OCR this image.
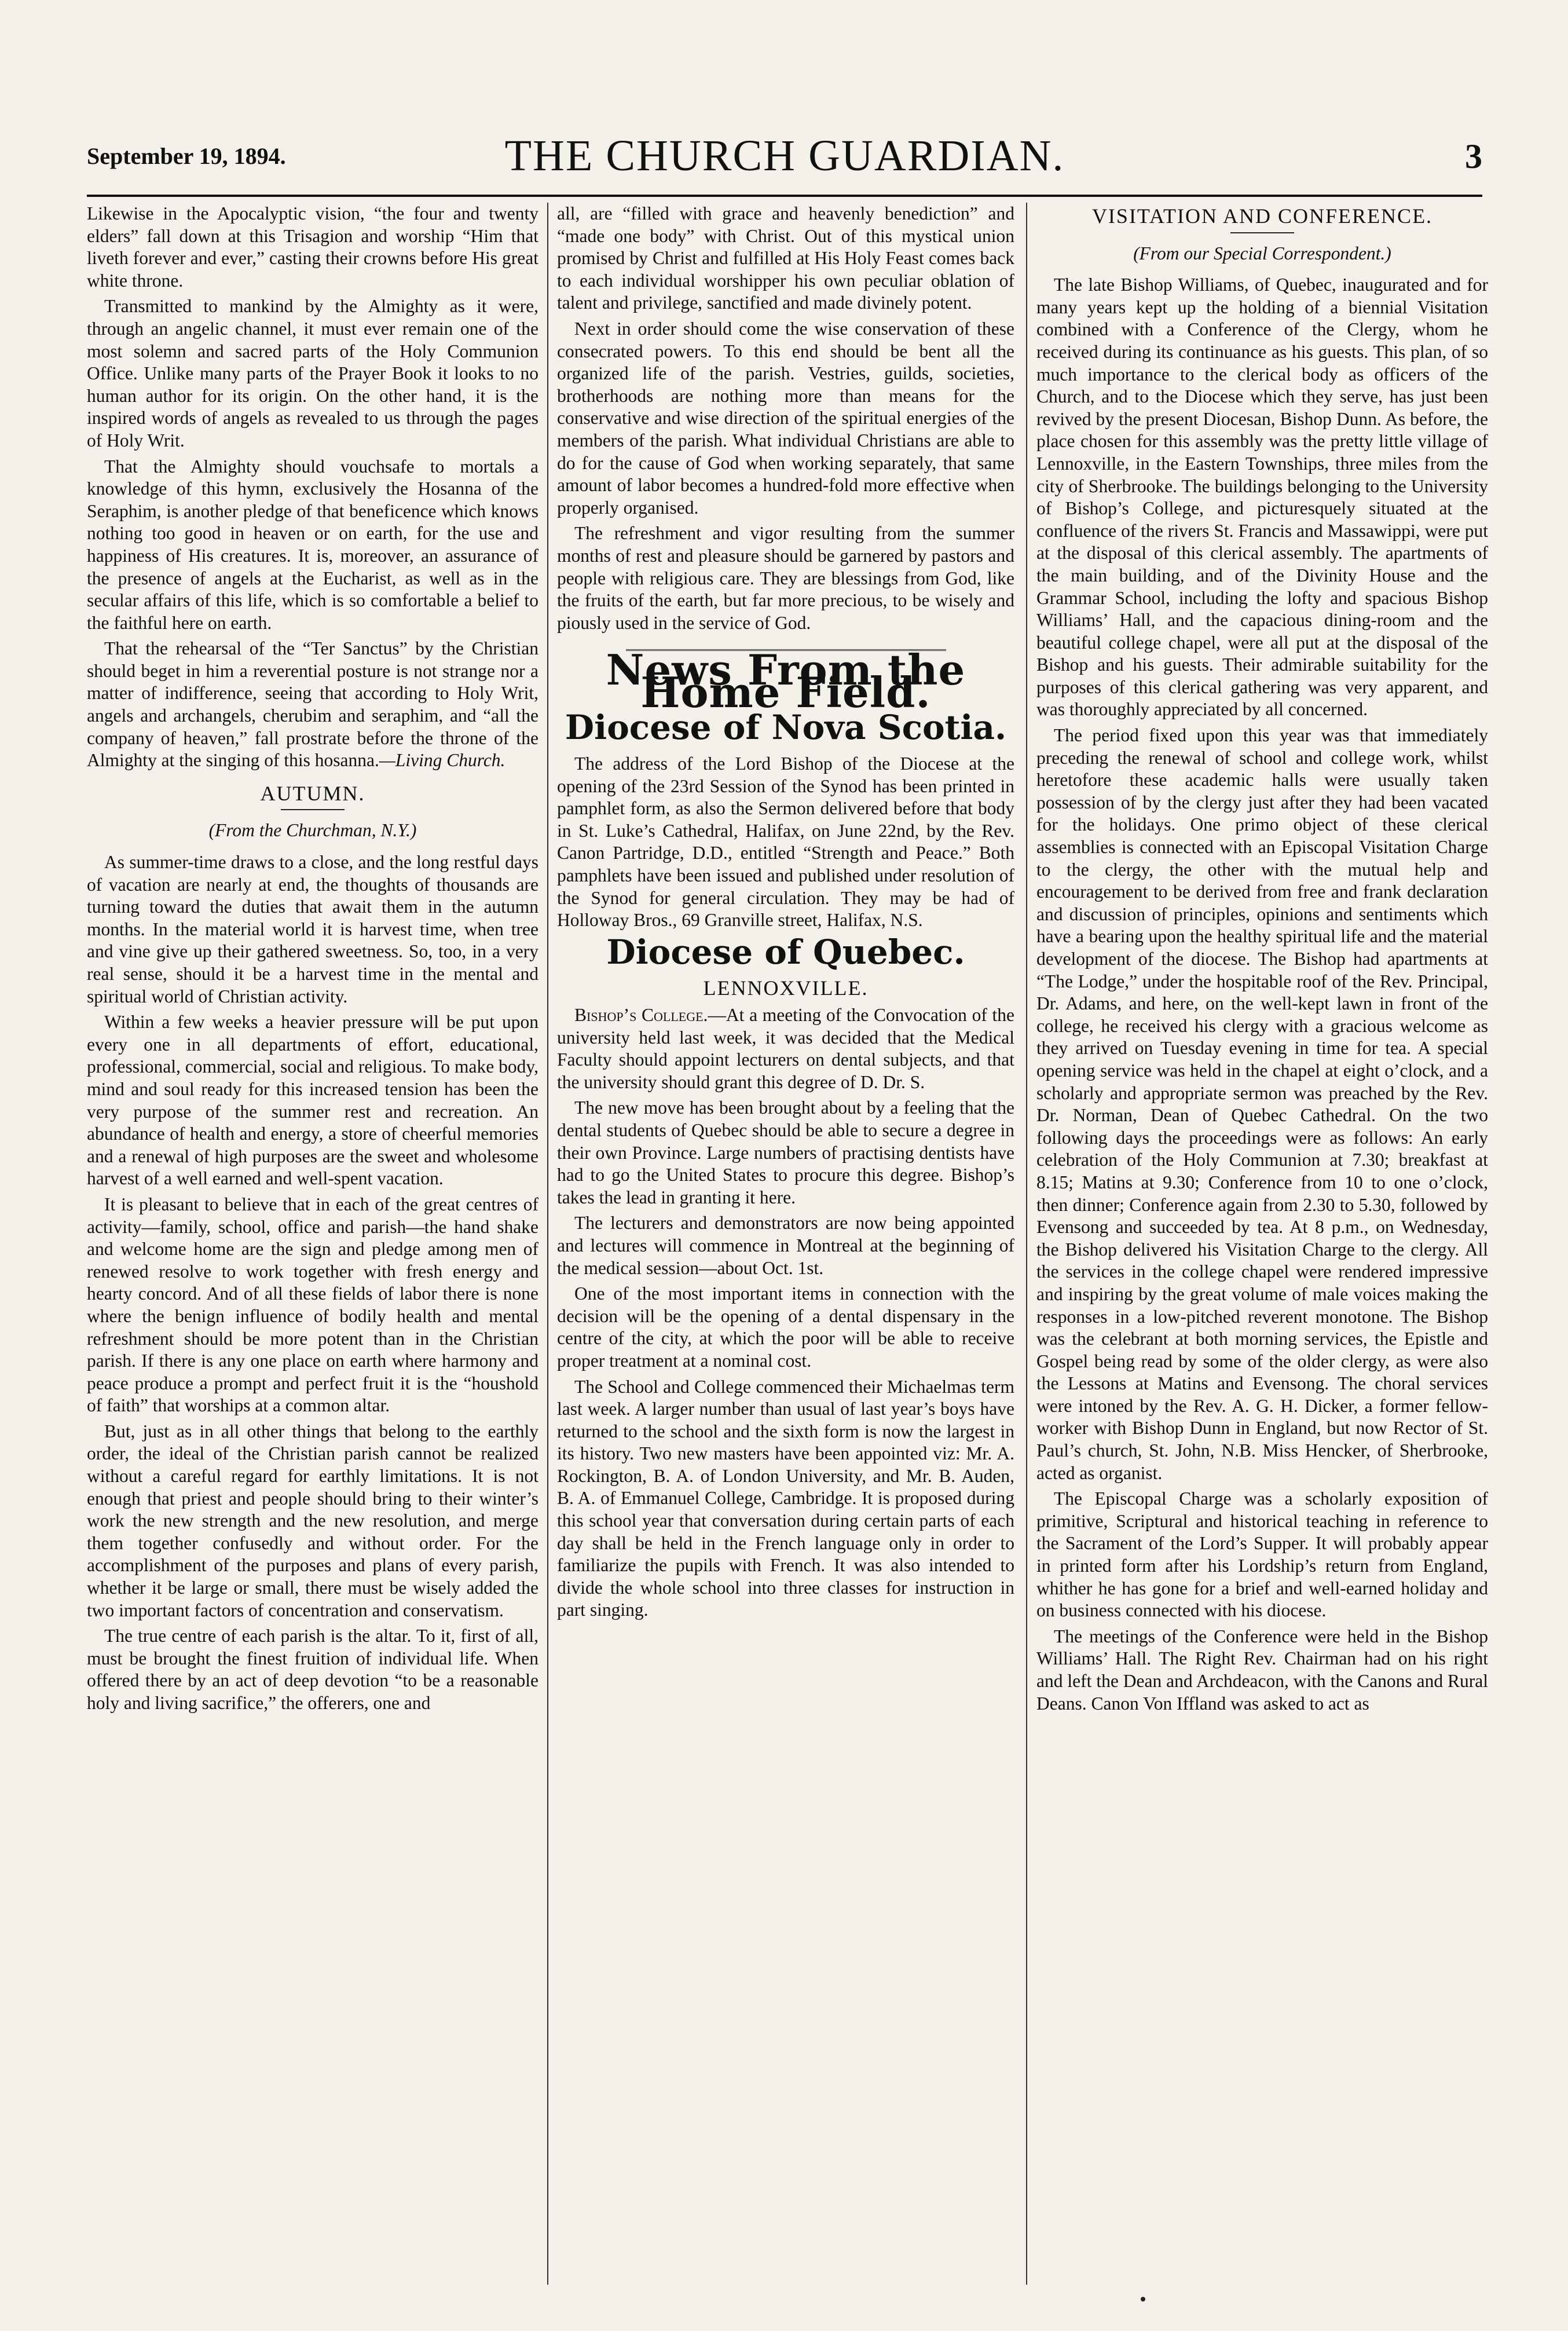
September 19, 1894.	THE CHURCH GUARDIAN.	3

Likewise in the Apocalyptic vision, “the four and twenty elders” fall down at this Trisagion and worship “Him that liveth forever and ever,” casting their crowns before His great white throne.

Transmitted to mankind by the Almighty as it were, through an angelic channel, it must ever remain one of the most solemn and sacred parts of the Holy Communion Office. Unlike many parts of the Prayer Book it looks to no human author for its origin. On the other hand, it is the inspired words of angels as revealed to us through the pages of Holy Writ.

That the Almighty should vouchsafe to mortals a knowledge of this hymn, exclusively the Hosanna of the Seraphim, is another pledge of that beneficence which knows nothing too good in heaven or on earth, for the use and happiness of His creatures. It is, moreover, an assurance of the presence of angels at the Eucharist, as well as in the secular affairs of this life, which is so comfortable a belief to the faithful here on earth.

That the rehearsal of the “Ter Sanctus” by the Christian should beget in him a reverential posture is not strange nor a matter of indifference, seeing that according to Holy Writ, angels and archangels, cherubim and seraphim, and “all the company of heaven,” fall prostrate before the throne of the Almighty at the singing of this hosanna.—Living Church.

AUTUMN.
(From the Churchman, N.Y.)

As summer-time draws to a close, and the long restful days of vacation are nearly at end, the thoughts of thousands are turning toward the duties that await them in the autumn months. In the material world it is harvest time, when tree and vine give up their gathered sweetness. So, too, in a very real sense, should it be a harvest time in the mental and spiritual world of Christian activity.

Within a few weeks a heavier pressure will be put upon every one in all departments of effort, educational, professional, commercial, social and religious. To make body, mind and soul ready for this increased tension has been the very purpose of the summer rest and recreation. An abundance of health and energy, a store of cheerful memories and a renewal of high purposes are the sweet and wholesome harvest of a well earned and well-spent vacation.

It is pleasant to believe that in each of the great centres of activity—family, school, office and parish—the hand shake and welcome home are the sign and pledge among men of renewed resolve to work together with fresh energy and hearty concord. And of all these fields of labor there is none where the benign influence of bodily health and mental refreshment should be more potent than in the Christian parish. If there is any one place on earth where harmony and peace produce a prompt and perfect fruit it is the “houshold of faith” that worships at a common altar.

But, just as in all other things that belong to the earthly order, the ideal of the Christian parish cannot be realized without a careful regard for earthly limitations. It is not enough that priest and people should bring to their winter’s work the new strength and the new resolution, and merge them together confusedly and without order. For the accomplishment of the purposes and plans of every parish, whether it be large or small, there must be wisely added the two important factors of concentration and conservatism.

The true centre of each parish is the altar. To it, first of all, must be brought the finest fruition of individual life. When offered there by an act of deep devotion “to be a reasonable holy and living sacrifice,” the offerers, one and

all, are “filled with grace and heavenly benediction” and “made one body” with Christ. Out of this mystical union promised by Christ and fulfilled at His Holy Feast comes back to each individual worshipper his own peculiar oblation of talent and privilege, sanctified and made divinely potent.

Next in order should come the wise conservation of these consecrated powers. To this end should be bent all the organized life of the parish. Vestries, guilds, societies, brotherhoods are nothing more than means for the conservative and wise direction of the spiritual energies of the members of the parish. What individual Christians are able to do for the cause of God when working separately, that same amount of labor becomes a hundred-fold more effective when properly organised.

The refreshment and vigor resulting from the summer months of rest and pleasure should be garnered by pastors and people with religious care. They are blessings from God, like the fruits of the earth, but far more precious, to be wisely and piously used in the service of God.

News From the Home Field.
Diocese of Nova Scotia.

The address of the Lord Bishop of the Diocese at the opening of the 23rd Session of the Synod has been printed in pamphlet form, as also the Sermon delivered before that body in St. Luke’s Cathedral, Halifax, on June 22nd, by the Rev. Canon Partridge, D.D., entitled “Strength and Peace.” Both pamphlets have been issued and published under resolution of the Synod for general circulation. They may be had of Holloway Bros., 69 Granville street, Halifax, N.S.

Diocese of Quebec.
LENNOXVILLE.

Bishop’s College.—At a meeting of the Convocation of the university held last week, it was decided that the Medical Faculty should appoint lecturers on dental subjects, and that the university should grant this degree of D. Dr. S.

The new move has been brought about by a feeling that the dental students of Quebec should be able to secure a degree in their own Province. Large numbers of practising dentists have had to go the United States to procure this degree. Bishop’s takes the lead in granting it here.

The lecturers and demonstrators are now being appointed and lectures will commence in Montreal at the beginning of the medical session—about Oct. 1st.

One of the most important items in connection with the decision will be the opening of a dental dispensary in the centre of the city, at which the poor will be able to receive proper treatment at a nominal cost.

The School and College commenced their Michaelmas term last week. A larger number than usual of last year’s boys have returned to the school and the sixth form is now the largest in its history. Two new masters have been appointed viz: Mr. A. Rockington, B. A. of London University, and Mr. B. Auden, B. A. of Emmanuel College, Cambridge. It is proposed during this school year that conversation during certain parts of each day shall be held in the French language only in order to familiarize the pupils with French. It was also intended to divide the whole school into three classes for instruction in part singing.

VISITATION AND CONFERENCE.
(From our Special Correspondent.)

The late Bishop Williams, of Quebec, inaugurated and for many years kept up the holding of a biennial Visitation combined with a Conference of the Clergy, whom he received during its continuance as his guests. This plan, of so much importance to the clerical body as officers of the Church, and to the Diocese which they serve, has just been revived by the present Diocesan, Bishop Dunn. As before, the place chosen for this assembly was the pretty little village of Lennoxville, in the Eastern Townships, three miles from the city of Sherbrooke. The buildings belonging to the University of Bishop’s College, and picturesquely situated at the confluence of the rivers St. Francis and Massawippi, were put at the disposal of this clerical assembly. The apartments of the main building, and of the Divinity House and the Grammar School, including the lofty and spacious Bishop Williams’ Hall, and the capacious dining-room and the beautiful college chapel, were all put at the disposal of the Bishop and his guests. Their admirable suitability for the purposes of this clerical gathering was very apparent, and was thoroughly appreciated by all concerned.

The period fixed upon this year was that immediately preceding the renewal of school and college work, whilst heretofore these academic halls were usually taken possession of by the clergy just after they had been vacated for the holidays. One primo object of these clerical assemblies is connected with an Episcopal Visitation Charge to the clergy, the other with the mutual help and encouragement to be derived from free and frank declaration and discussion of principles, opinions and sentiments which have a bearing upon the healthy spiritual life and the material development of the diocese. The Bishop had apartments at “The Lodge,” under the hospitable roof of the Rev. Principal, Dr. Adams, and here, on the well-kept lawn in front of the college, he received his clergy with a gracious welcome as they arrived on Tuesday evening in time for tea. A special opening service was held in the chapel at eight o’clock, and a scholarly and appropriate sermon was preached by the Rev. Dr. Norman, Dean of Quebec Cathedral. On the two following days the proceedings were as follows: An early celebration of the Holy Communion at 7.30; breakfast at 8.15; Matins at 9.30; Conference from 10 to one o’clock, then dinner; Conference again from 2.30 to 5.30, followed by Evensong and succeeded by tea. At 8 p.m., on Wednesday, the Bishop delivered his Visitation Charge to the clergy. All the services in the college chapel were rendered impressive and inspiring by the great volume of male voices making the responses in a low-pitched reverent monotone. The Bishop was the celebrant at both morning services, the Epistle and Gospel being read by some of the older clergy, as were also the Lessons at Matins and Evensong. The choral services were intoned by the Rev. A. G. H. Dicker, a former fellow-worker with Bishop Dunn in England, but now Rector of St. Paul’s church, St. John, N.B. Miss Hencker, of Sherbrooke, acted as organist.

The Episcopal Charge was a scholarly exposition of primitive, Scriptural and historical teaching in reference to the Sacrament of the Lord’s Supper. It will probably appear in printed form after his Lordship’s return from England, whither he has gone for a brief and well-earned holiday and on business connected with his diocese.

The meetings of the Conference were held in the Bishop Williams’ Hall. The Right Rev. Chairman had on his right and left the Dean and Archdeacon, with the Canons and Rural Deans. Canon Von Iffland was asked to act as
